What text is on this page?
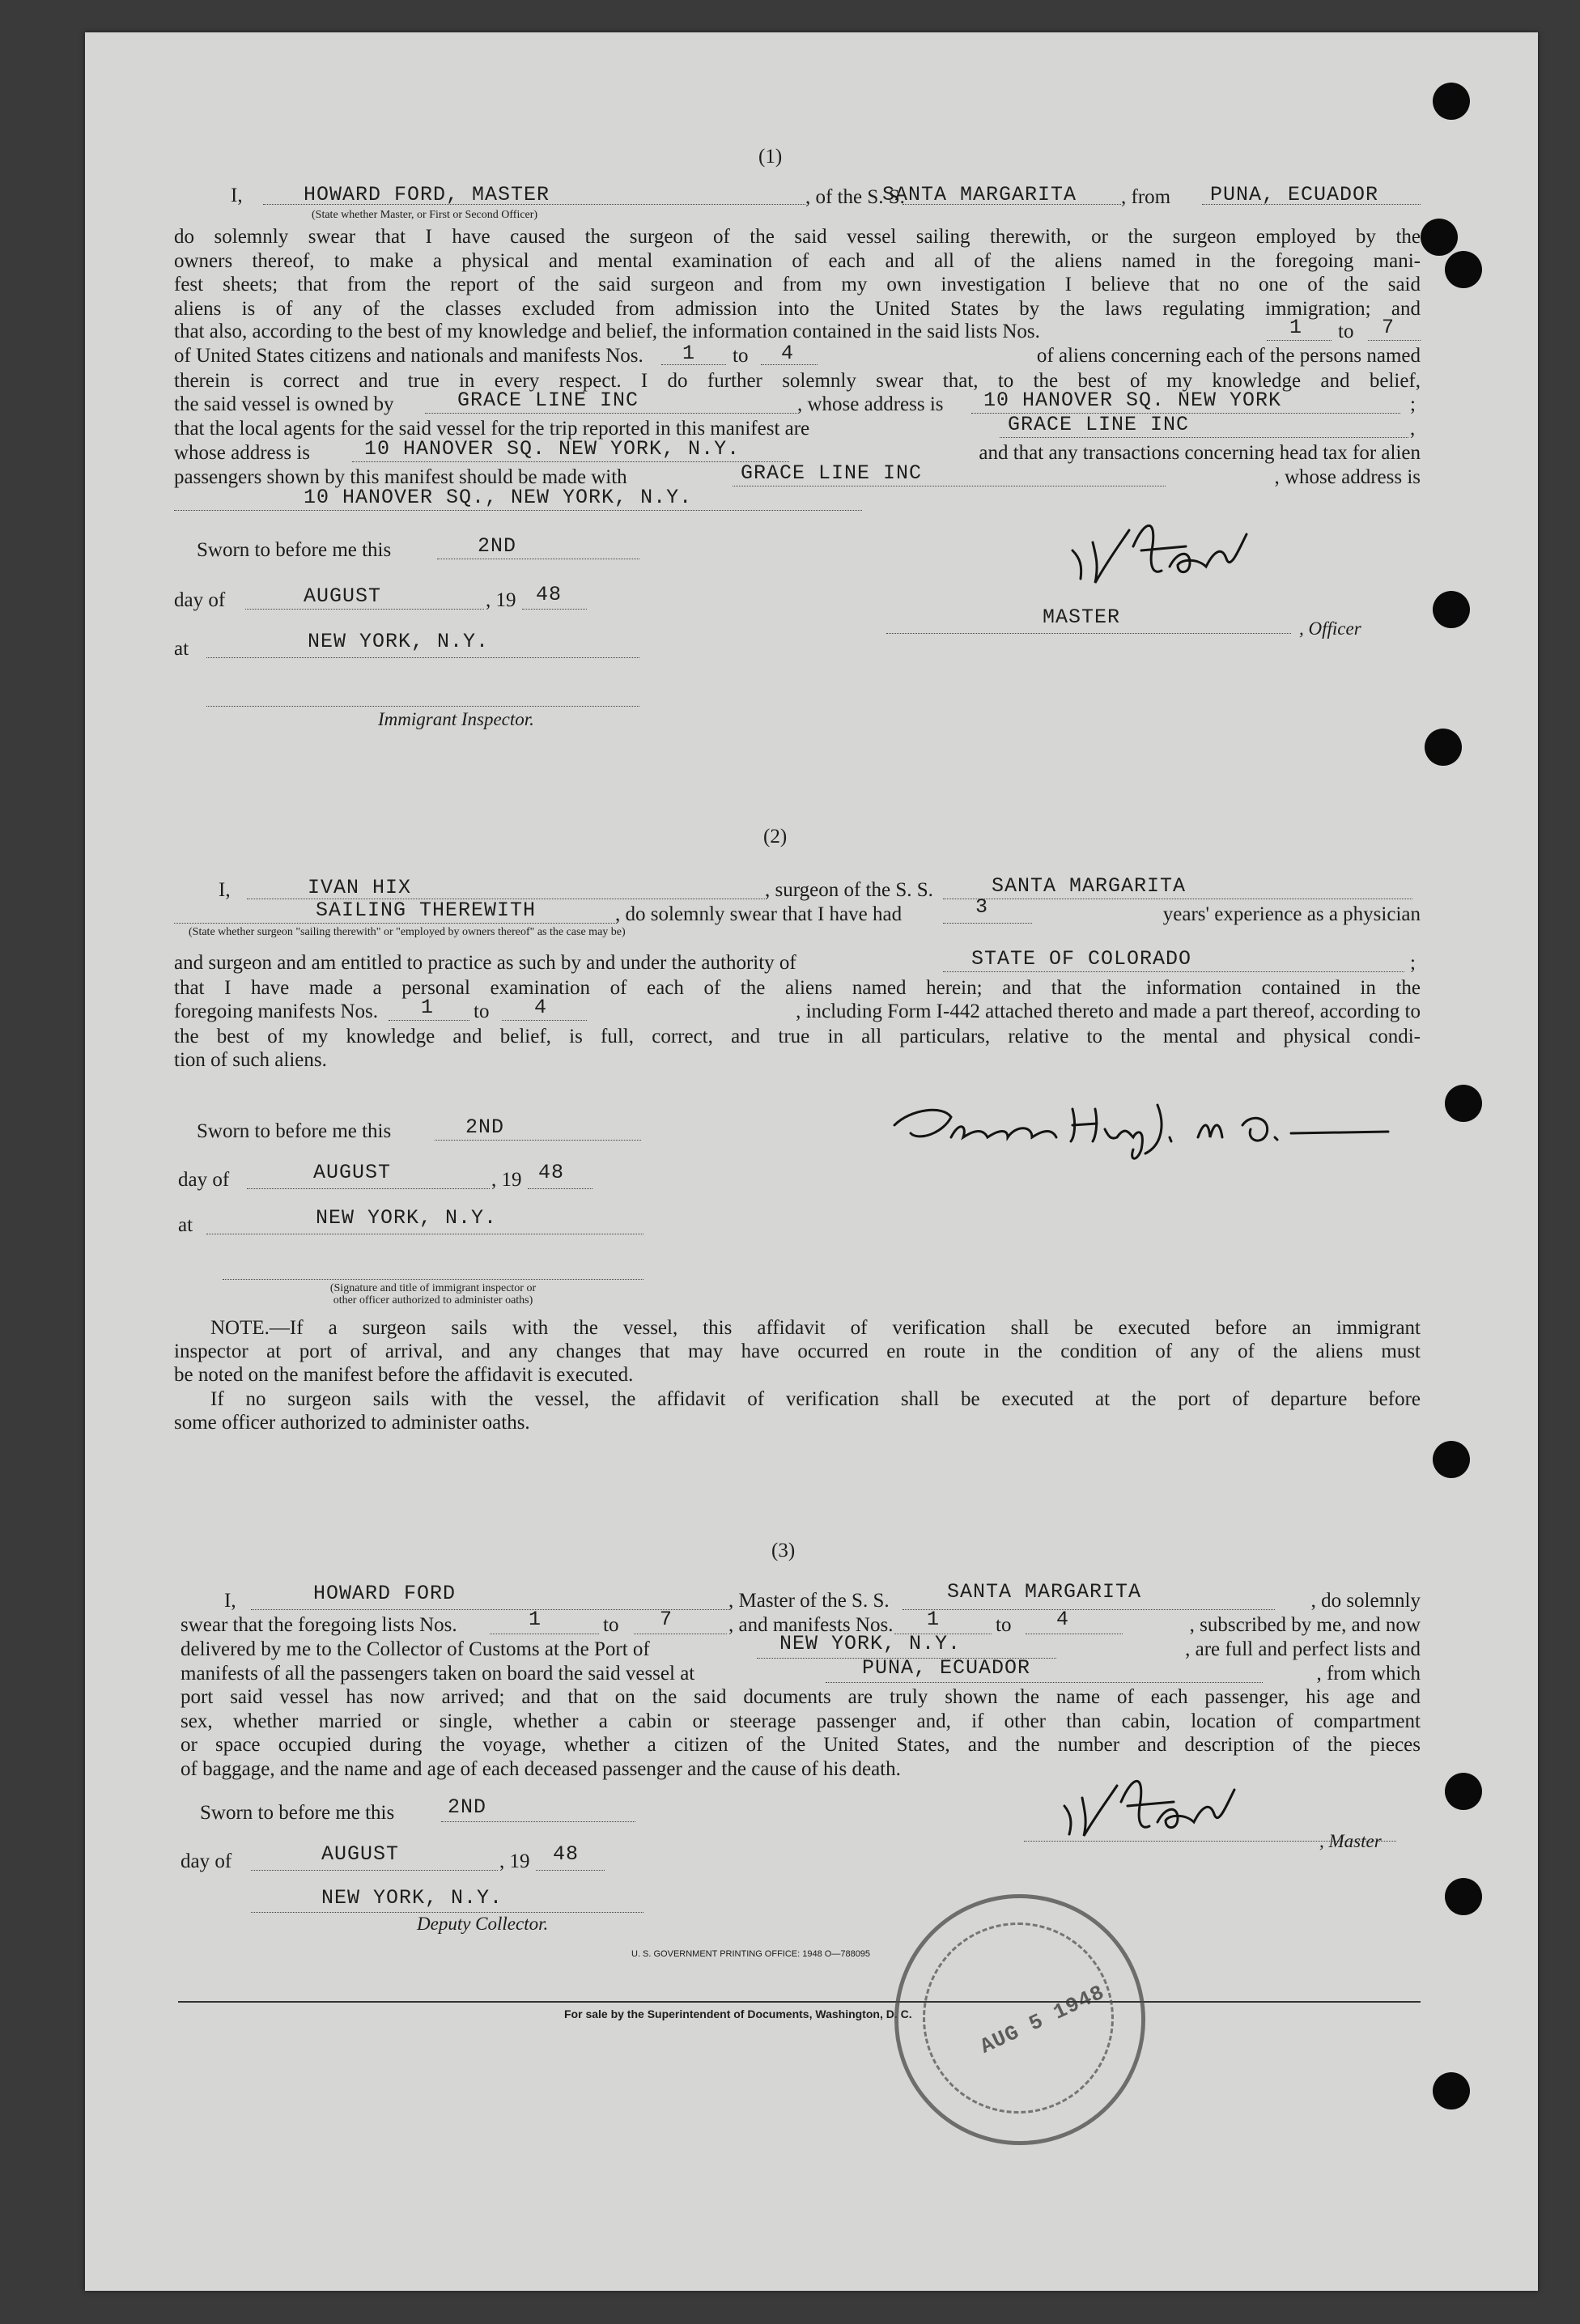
(1)
I,	HOWARD FORD, MASTER	, of the S. S.
SANTA MARGARITA , from PUNA, ECUADOR
(State whether Master, or First or Second Officer)
do solemnly swear that I have caused the surgeon of the said vessel sailing therewith, or the surgeon employed by the
owners thereof, to make a physical and mental examination of each and all of the aliens named in the foregoing mani-
fest sheets; that from the report of the said surgeon and from my own investigation I believe that no one of the said
aliens is of any of the classes excluded from admission into the United States by the laws regulating immigration; and
that also, according to the best of my knowledge and belief, the information contained in the said lists Nos.	1 to 7
of United States citizens and nationals and manifests Nos. 1 to 4	of aliens concerning each of the persons named
therein is correct and true in every respect. I do further solemnly swear that, to the best of my knowledge and belief,
the said vessel is owned by	GRACE LINE INC	, whose address is 10 HANOVER SQ. NEW YORK	;
that the local agents for the said vessel for the trip reported in this manifest are	GRACE LINE INC	,
whose address is	10 HANOVER SQ. NEW YORK, N.Y.	and that any transactions concerning head tax for alien
passengers shown by this manifest should be made with	GRACE LINE INC	, whose address is
10 HANOVER SQ., NEW YORK, N.Y.
Sworn to before me this	2ND
day of	AUGUST	, 19 48
at	NEW YORK, N.Y.
Immigrant Inspector.
MASTER	, Officer
(2)
I,	IVAN HIX	, surgeon of the S. S.	SANTA MARGARITA
SAILING THEREWITH	, do solemnly swear that I have had	3	years' experience as a physician
(State whether surgeon "sailing therewith" or "employed by owners thereof" as the case may be)
and surgeon and am entitled to practice as such by and under the authority of	STATE OF COLORADO	;
that I have made a personal examination of each of the aliens named herein; and that the information contained in the
foregoing manifests Nos. 1 to 4	, including Form I-442 attached thereto and made a part thereof, according to
the best of my knowledge and belief, is full, correct, and true in all particulars, relative to the mental and physical condi-
tion of such aliens.
Sworn to before me this	2ND
day of	AUGUST	, 19 48
at	NEW YORK, N.Y.
(Signature and title of immigrant inspector or
other officer authorized to administer oaths)
NOTE.—If a surgeon sails with the vessel, this affidavit of verification shall be executed before an immigrant
inspector at port of arrival, and any changes that may have occurred en route in the condition of any of the aliens must
be noted on the manifest before the affidavit is executed.
If no surgeon sails with the vessel, the affidavit of verification shall be executed at the port of departure before
some officer authorized to administer oaths.
(3)
I,	HOWARD FORD	, Master of the S. S.	SANTA MARGARITA	, do solemnly
swear that the foregoing lists Nos.	1	to 7	, and manifests Nos. 1	to 4	, subscribed by me, and now
delivered by me to the Collector of Customs at the Port of	NEW YORK, N.Y.	, are full and perfect lists and
manifests of all the passengers taken on board the said vessel at	PUNA, ECUADOR	, from which
port said vessel has now arrived; and that on the said documents are truly shown the name of each passenger, his age and
sex, whether married or single, whether a cabin or steerage passenger and, if other than cabin, location of compartment
or space occupied during the voyage, whether a citizen of the United States, and the number and description of the pieces
of baggage, and the name and age of each deceased passenger and the cause of his death.
Sworn to before me this	2ND
day of	AUGUST	, 19 48
NEW YORK, N.Y.
Deputy Collector.
, Master
U. S. GOVERNMENT PRINTING OFFICE: 1948 O—788095
For sale by the Superintendent of Documents, Washington, D. C.	AUG 5 1948
